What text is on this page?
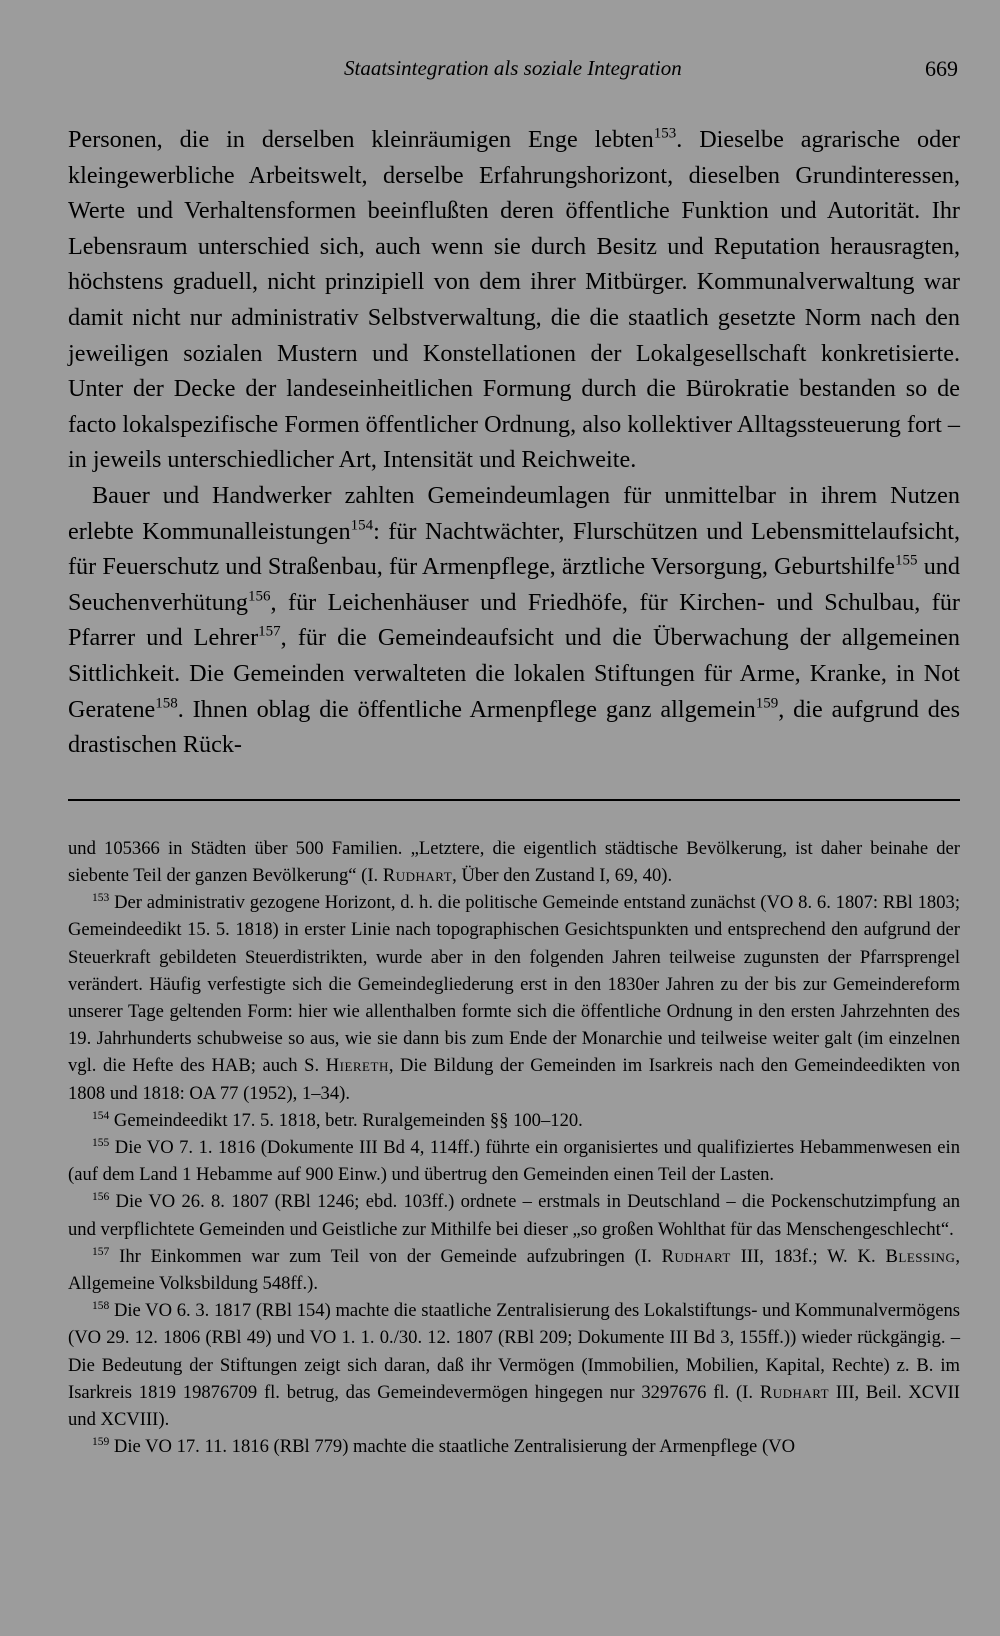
Staatsintegration als soziale Integration	669

Personen, die in derselben kleinräumigen Enge lebten$^{153}$. Dieselbe agrarische oder kleingewerbliche Arbeitswelt, derselbe Erfahrungshorizont, dieselben Grundinteressen, Werte und Verhaltensformen beeinflußten deren öffentliche Funktion und Autorität. Ihr Lebensraum unterschied sich, auch wenn sie durch Besitz und Reputation herausragten, höchstens graduell, nicht prinzipiell von dem ihrer Mitbürger. Kommunalverwaltung war damit nicht nur administrativ Selbstverwaltung, die die staatlich gesetzte Norm nach den jeweiligen sozialen Mustern und Konstellationen der Lokalgesellschaft konkretisierte. Unter der Decke der landeseinheitlichen Formung durch die Bürokratie bestanden so de facto lokalspezifische Formen öffentlicher Ordnung, also kollektiver Alltagssteuerung fort – in jeweils unterschiedlicher Art, Intensität und Reichweite.

Bauer und Handwerker zahlten Gemeindeumlagen für unmittelbar in ihrem Nutzen erlebte Kommunalleistungen$^{154}$: für Nachtwächter, Flurschützen und Lebensmittelaufsicht, für Feuerschutz und Straßenbau, für Armenpflege, ärztliche Versorgung, Geburtshilfe$^{155}$ und Seuchenverhütung$^{156}$, für Leichenhäuser und Friedhöfe, für Kirchen- und Schulbau, für Pfarrer und Lehrer$^{157}$, für die Gemeindeaufsicht und die Überwachung der allgemeinen Sittlichkeit. Die Gemeinden verwalteten die lokalen Stiftungen für Arme, Kranke, in Not Geratene$^{158}$. Ihnen oblag die öffentliche Armenpflege ganz allgemein$^{159}$, die aufgrund des drastischen Rück-

und 105366 in Städten über 500 Familien. „Letztere, die eigentlich städtische Bevölkerung, ist daher beinahe der siebente Teil der ganzen Bevölkerung“ (I. Rudhart, Über den Zustand I, 69, 40).

$^{153}$ Der administrativ gezogene Horizont, d. h. die politische Gemeinde entstand zunächst (VO 8. 6. 1807: RBl 1803; Gemeindeedikt 15. 5. 1818) in erster Linie nach topographischen Gesichtspunkten und entsprechend den aufgrund der Steuerkraft gebildeten Steuerdistrikten, wurde aber in den folgenden Jahren teilweise zugunsten der Pfarrsprengel verändert. Häufig verfestigte sich die Gemeindegliederung erst in den 1830er Jahren zu der bis zur Gemeindereform unserer Tage geltenden Form: hier wie allenthalben formte sich die öffentliche Ordnung in den ersten Jahrzehnten des 19. Jahrhunderts schubweise so aus, wie sie dann bis zum Ende der Monarchie und teilweise weiter galt (im einzelnen vgl. die Hefte des HAB; auch S. Hiereth, Die Bildung der Gemeinden im Isarkreis nach den Gemeindeedikten von 1808 und 1818: OA 77 (1952), 1–34).

$^{154}$ Gemeindeedikt 17. 5. 1818, betr. Ruralgemeinden §§ 100–120.

$^{155}$ Die VO 7. 1. 1816 (Dokumente III Bd 4, 114ff.) führte ein organisiertes und qualifiziertes Hebammenwesen ein (auf dem Land 1 Hebamme auf 900 Einw.) und übertrug den Gemeinden einen Teil der Lasten.

$^{156}$ Die VO 26. 8. 1807 (RBl 1246; ebd. 103ff.) ordnete – erstmals in Deutschland – die Pockenschutzimpfung an und verpflichtete Gemeinden und Geistliche zur Mithilfe bei dieser „so großen Wohlthat für das Menschengeschlecht“.

$^{157}$ Ihr Einkommen war zum Teil von der Gemeinde aufzubringen (I. Rudhart III, 183f.; W. K. Blessing, Allgemeine Volksbildung 548ff.).

$^{158}$ Die VO 6. 3. 1817 (RBl 154) machte die staatliche Zentralisierung des Lokalstiftungs- und Kommunalvermögens (VO 29. 12. 1806 (RBl 49) und VO 1. 1. 0./30. 12. 1807 (RBl 209; Dokumente III Bd 3, 155ff.)) wieder rückgängig. – Die Bedeutung der Stiftungen zeigt sich daran, daß ihr Vermögen (Immobilien, Mobilien, Kapital, Rechte) z. B. im Isarkreis 1819 19876709 fl. betrug, das Gemeindevermögen hingegen nur 3297676 fl. (I. Rudhart III, Beil. XCVII und XCVIII).

$^{159}$ Die VO 17. 11. 1816 (RBl 779) machte die staatliche Zentralisierung der Armenpflege (VO
